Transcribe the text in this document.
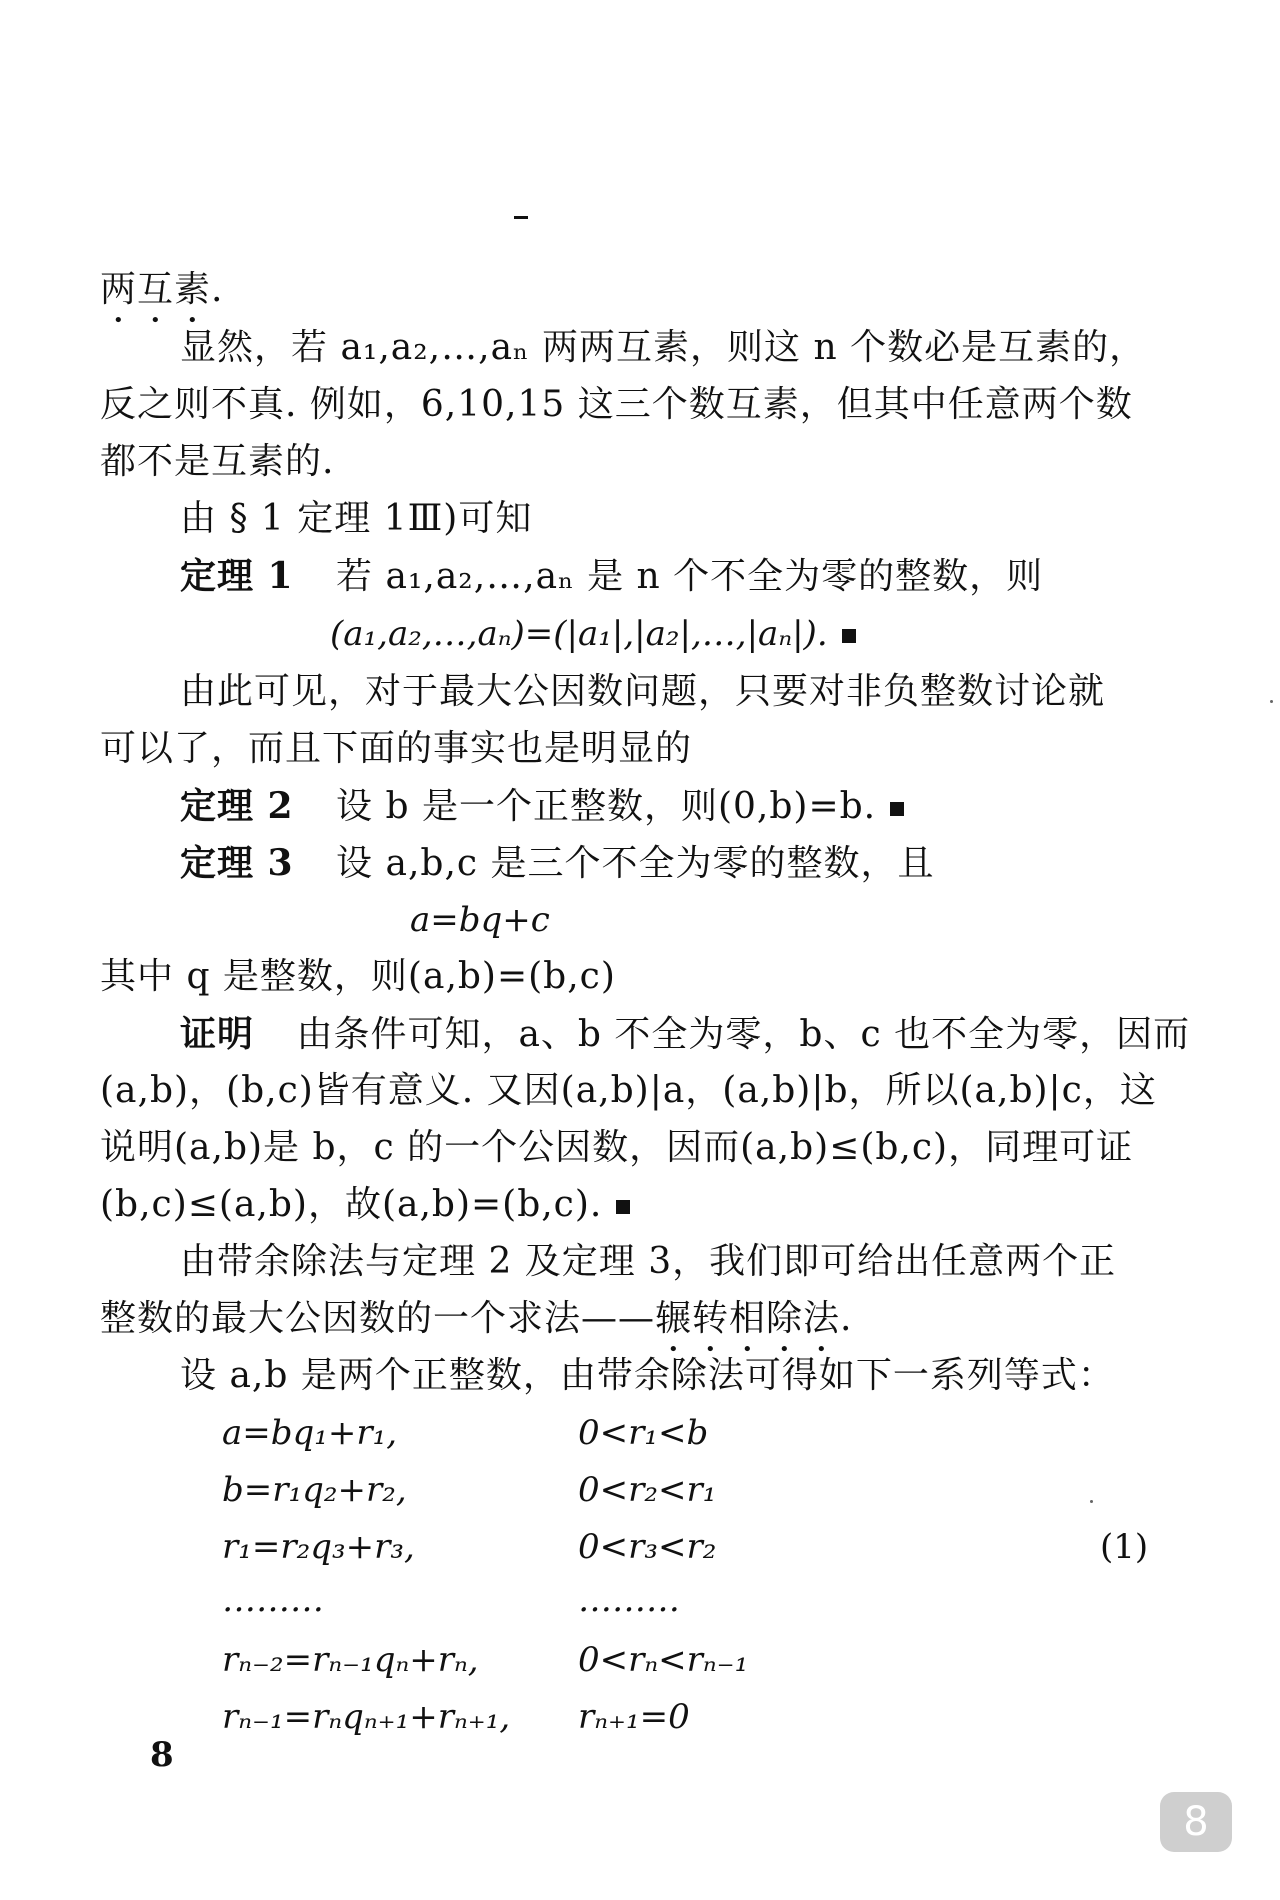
两互素.
显然，若 a₁,a₂,…,aₙ 两两互素，则这 n 个数必是互素的，
反之则不真. 例如，6,10,15 这三个数互素，但其中任意两个数
都不是互素的.
由 § 1 定理 1Ⅲ)可知
定理 1 若 a₁,a₂,…,aₙ 是 n 个不全为零的整数，则
(a₁,a₂,…,aₙ)=(|a₁|,|a₂|,…,|aₙ|).
由此可见，对于最大公因数问题，只要对非负整数讨论就
可以了，而且下面的事实也是明显的
定理 2 设 b 是一个正整数，则(0,b)=b.
定理 3 设 a,b,c 是三个不全为零的整数，且
a=bq+c
其中 q 是整数，则(a,b)=(b,c)
证明 由条件可知，a、b 不全为零，b、c 也不全为零，因而
(a,b)，(b,c)皆有意义. 又因(a,b)|a，(a,b)|b，所以(a,b)|c，这
说明(a,b)是 b，c 的一个公因数，因而(a,b)≤(b,c)，同理可证
(b,c)≤(a,b)，故(a,b)=(b,c).
由带余除法与定理 2 及定理 3，我们即可给出任意两个正
整数的最大公因数的一个求法——辗转相除法.
设 a,b 是两个正整数，由带余除法可得如下一系列等式：
a=bq₁+r₁,	0<r₁<b
b=r₁q₂+r₂,	0<r₂<r₁
r₁=r₂q₃+r₃,	0<r₃<r₂	(1)
………	………
rₙ₋₂=rₙ₋₁qₙ+rₙ,	0<rₙ<rₙ₋₁
rₙ₋₁=rₙqₙ₊₁+rₙ₊₁, rₙ₊₁=0
8
8
